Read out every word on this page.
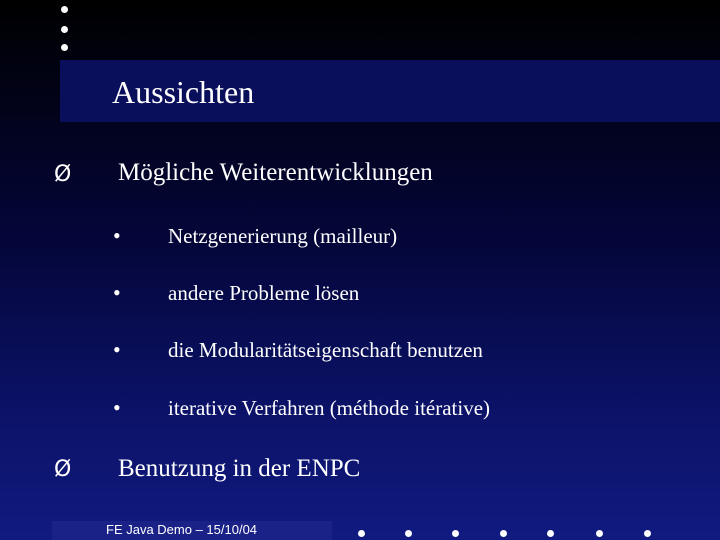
Aussichten
Ø Mögliche Weiterentwicklungen
• Netzgenerierung (mailleur)
• andere Probleme lösen
• die Modularitätseigenschaft benutzen
• iterative Verfahren (méthode itérative)
Ø Benutzung in der ENPC
FE Java Demo – 15/10/04
